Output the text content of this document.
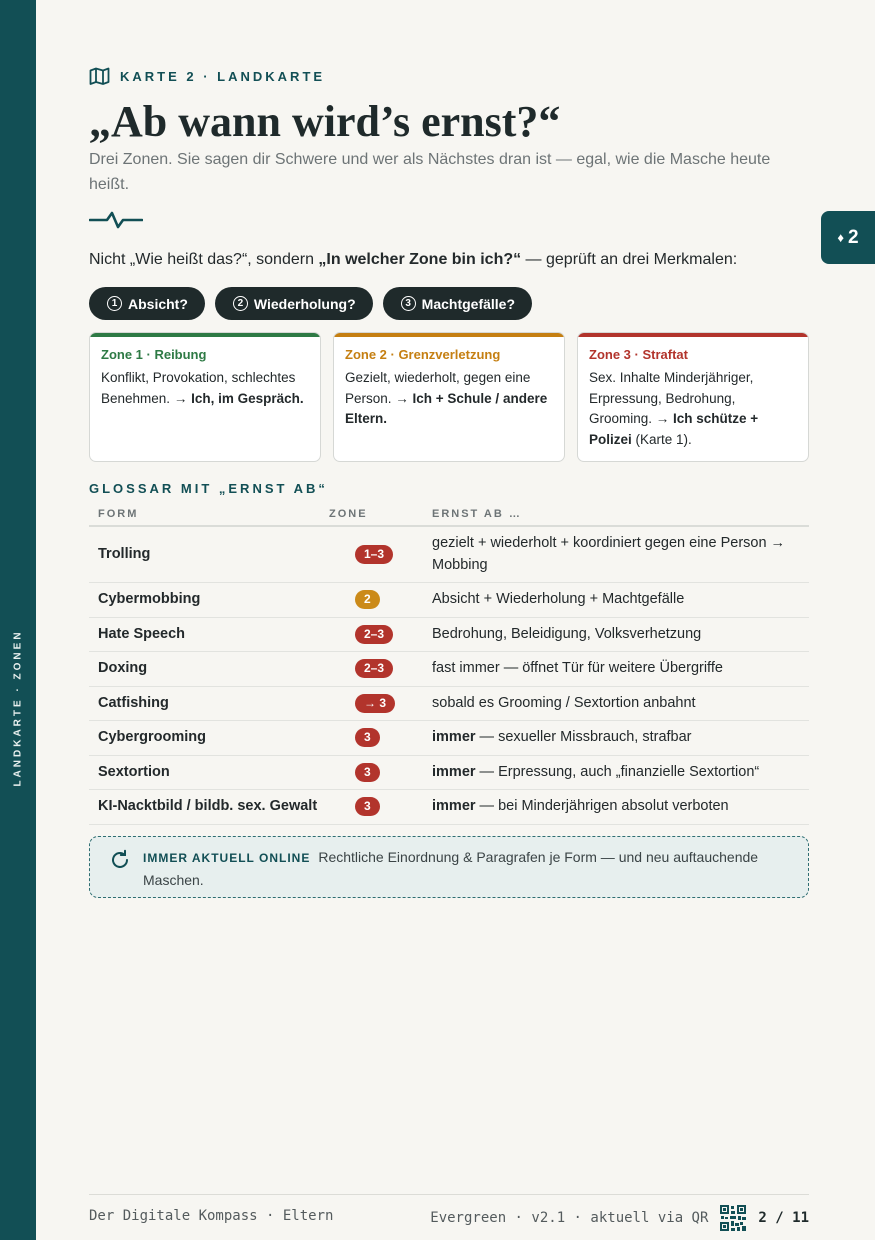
LANDKARTE · ZONEN
♦ 2
KARTE 2 · LANDKARTE
„Ab wann wird’s ernst?“

Drei Zonen. Sie sagen dir Schwere und wer als Nächstes dran ist — egal, wie die Masche heute heißt.

Nicht „Wie heißt das?“, sondern „In welcher Zone bin ich?“ — geprüft an drei Merkmalen:

1 Absicht?	2 Wiederholung?	3 Machtgefälle?
Zone 1 · Reibung
Konflikt, Provokation, schlechtes Benehmen. → Ich, im Gespräch.
Zone 2 · Grenzverletzung
Gezielt, wiederholt, gegen eine Person. → Ich + Schule / andere Eltern.
Zone 3 · Straftat
Sex. Inhalte Minderjähriger, Erpressung, Bedrohung, Grooming. → Ich schütze + Polizei (Karte 1).
GLOSSAR MIT „ERNST AB“
FORM	ZONE	ERNST AB …
Trolling	1–3	gezielt + wiederholt + koordiniert gegen eine Person → Mobbing
Cybermobbing	2	Absicht + Wiederholung + Machtgefälle
Hate Speech	2–3	Bedrohung, Beleidigung, Volksverhetzung
Doxing	2–3	fast immer — öffnet Tür für weitere Übergriffe
Catfishing	→ 3	sobald es Grooming / Sextortion anbahnt
Cybergrooming	3	immer — sexueller Missbrauch, strafbar
Sextortion	3	immer — Erpressung, auch „finanzielle Sextortion“
KI-Nacktbild / bildb. sex. Gewalt	3	immer — bei Minderjährigen absolut verboten
IMMER AKTUELL ONLINE Rechtliche Einordnung & Paragrafen je Form — und neu auftauchende Maschen.
Der Digitale Kompass · Eltern	Evergreen · v2.1 · aktuell via QR	2 / 11
